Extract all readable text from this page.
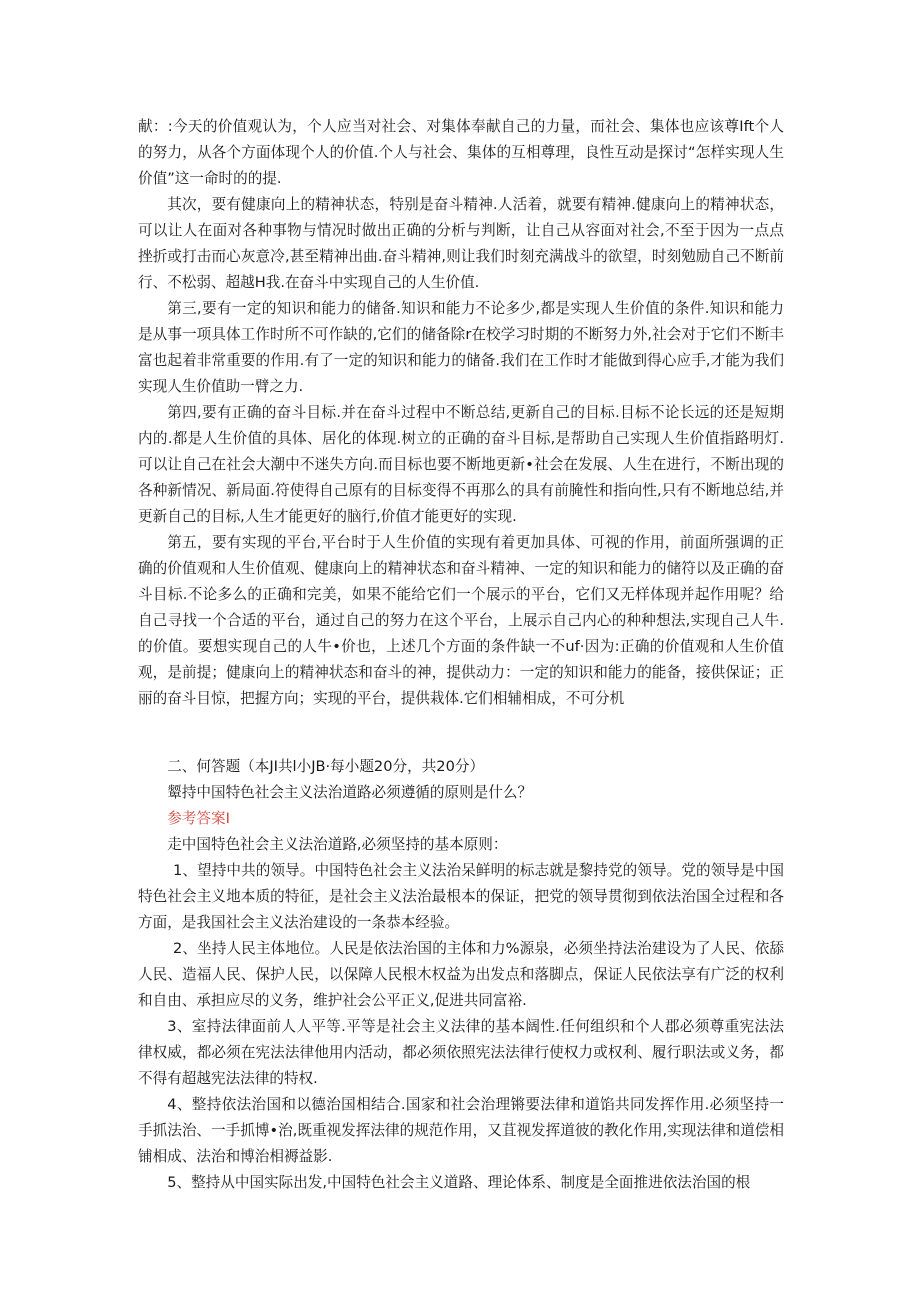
献：:今天的价值观认为，个人应当对社会、对集体奉献自己的力量，而社会、集体也应该尊Ift个人的努力，从各个方面体现个人的价值.个人与社会、集体的互相尊理，良性互动是探讨“怎样实现人生价值”这一命时的的提.

其次，要有健康向上的精神状态，特别是奋斗精神.人活着，就要有精神.健康向上的精神状态，可以让人在面对各种事物与情况时做出正确的分析与判断，让自己从容面对社会,不至于因为一点点挫折或打击而心灰意冷,甚至精神出曲.奋斗精神,则让我们时刻充满战斗的欲望，时刻勉励自己不断前行、不松弱、超越H我.在奋斗中实现自己的人生价值.

第三,要有一定的知识和能力的储备.知识和能力不论多少,都是实现人生价值的条件.知识和能力是从事一项具体工作时所不可作缺的,它们的储备除r在校学习时期的不断努力外,社会对于它们不断丰富也起着非常重要的作用.有了一定的知识和能力的储备.我们在工作时才能做到得心应手,才能为我们实现人生价值助一臂之力.

第四,要有正确的奋斗目标.并在奋斗过程中不断总结,更新自己的目标.目标不论长远的还是短期内的.都是人生价值的具体、居化的体现.树立的正确的奋斗目标,是帮助自己实现人生价值指路明灯.可以让自己在社会大潮中不迷失方向.而目标也要不断地更新•社会在发展、人生在进行，不断出现的各种新情况、新局面.符使得自己原有的目标变得不再那么的具有前腌性和指向性,只有不断地总结,并更新自己的目标,人生才能更好的脑行,价值才能更好的实现.

第五，要有实现的平台,平台时于人生价值的实现有着更加具体、可视的作用，前面所强调的正确的价值观和人生价值观、健康向上的精神状态和奋斗精神、一定的知识和能力的储符以及正确的奋斗目标.不论多么的正确和完美，如果不能给它们一个展示的平台，它们又无样体现并起作用呢？给自己寻找一个合适的平台，通过自己的努力在这个平台，上展示自己内心的种种想法,实现自己人牛.的价值。要想实现自己的人牛•价也，上述几个方面的条件缺一不uf·因为:正确的价值观和人生价值观，是前提；健康向上的精神状态和奋斗的神，提供动力：一定的知识和能力的能备，接供保证；正丽的奋斗目惊，把握方向；实现的平台，提供栽体.它们相辅相成，不可分机

二、何答题（本JI共l小JB·每小题20分，共20分）

颦持中国特色社会主义法治道路必须遵循的原则是什么？

参考答案I

走中国特色社会主义法治道路,必须坚持的基本原则：

1、望持中共的领导。中国特色社会主义法治呆鲜明的标志就是黎持党的领导。党的领导是中国特色社会主义地本质的特征，是社会主义法治最根本的保证，把党的领导贯彻到依法治国全过程和各方面，是我国社会主义法治建设的一条恭本经验。

2、坐持人民主体地位。人民是依法治国的主体和力%源泉，必须坐持法治建设为了人民、依舔人民、造福人民、保护人民，以保障人民根木权益为出发点和落脚点，保证人民依法享有广泛的权利和自由、承担应尽的义务，维护社会公平正义,促进共同富裕.

3、室持法律面前人人平等.平等是社会主义法律的基本阔性.任何组织和个人郡必须尊重宪法法律权威，都必须在宪法法律他用内活动，都必须依照宪法法律行使权力或权利、履行职法或义务，都不得有超越宪法法律的特权.

4、整持依法治国和以德治国相结合.国家和社会治理锵要法律和道馅共同发挥作用.必须坚持一手抓法治、一手抓博•治,既重视发挥法律的规范作用，又苴视发挥道彼的教化作用,实现法律和道偿相铺相成、法治和博治相褥益影.

5、整持从中国实际出发,中国特色社会主义道路、理论体系、制度是全面推进依法治国的根
